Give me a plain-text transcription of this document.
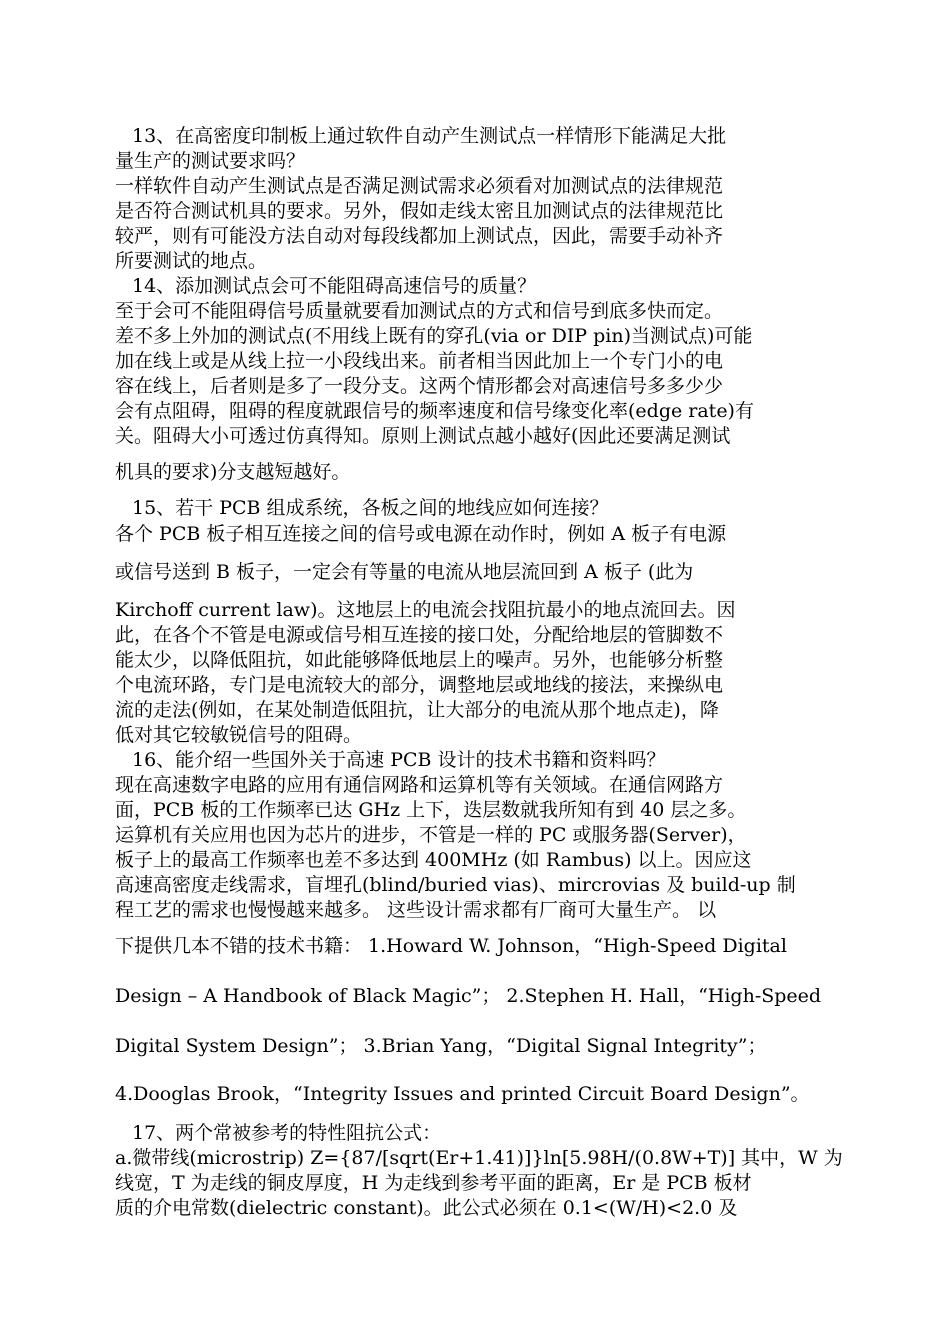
13、在高密度印制板上通过软件自动产生测试点一样情形下能满足大批

量生产的测试要求吗？

一样软件自动产生测试点是否满足测试需求必须看对加测试点的法律规范

是否符合测试机具的要求。另外，假如走线太密且加测试点的法律规范比

较严，则有可能没方法自动对每段线都加上测试点，因此，需要手动补齐

所要测试的地点。

14、添加测试点会可不能阻碍高速信号的质量？

至于会可不能阻碍信号质量就要看加测试点的方式和信号到底多快而定。

差不多上外加的测试点(不用线上既有的穿孔(via or DIP pin)当测试点)可能

加在线上或是从线上拉一小段线出来。前者相当因此加上一个专门小的电

容在线上，后者则是多了一段分支。这两个情形都会对高速信号多多少少

会有点阻碍，阻碍的程度就跟信号的频率速度和信号缘变化率(edge rate)有

关。阻碍大小可透过仿真得知。原则上测试点越小越好(因此还要满足测试

机具的要求)分支越短越好。

15、若干 PCB 组成系统，各板之间的地线应如何连接？

各个 PCB 板子相互连接之间的信号或电源在动作时，例如 A 板子有电源

或信号送到 B 板子，一定会有等量的电流从地层流回到 A 板子 (此为

Kirchoff current law)。这地层上的电流会找阻抗最小的地点流回去。因

此，在各个不管是电源或信号相互连接的接口处，分配给地层的管脚数不

能太少，以降低阻抗，如此能够降低地层上的噪声。另外，也能够分析整

个电流环路，专门是电流较大的部分，调整地层或地线的接法，来操纵电

流的走法(例如，在某处制造低阻抗，让大部分的电流从那个地点走)，降

低对其它较敏锐信号的阻碍。

16、能介绍一些国外关于高速 PCB 设计的技术书籍和资料吗？

现在高速数字电路的应用有通信网路和运算机等有关领域。在通信网路方

面，PCB 板的工作频率已达 GHz 上下，迭层数就我所知有到 40 层之多。

运算机有关应用也因为芯片的进步，不管是一样的 PC 或服务器(Server)，

板子上的最高工作频率也差不多达到 400MHz (如 Rambus) 以上。因应这

高速高密度走线需求，盲埋孔(blind/buried vias)、mircrovias 及 build-up 制

程工艺的需求也慢慢越来越多。 这些设计需求都有厂商可大量生产。 以

下提供几本不错的技术书籍： 1.Howard W. Johnson，“High-Speed Digital

Design – A Handbook of Black Magic”； 2.Stephen H. Hall，“High-Speed

Digital System Design”； 3.Brian Yang，“Digital Signal Integrity”；

4.Dooglas Brook，“Integrity Issues and printed Circuit Board Design”。

17、两个常被参考的特性阻抗公式：

a.微带线(microstrip) Z={87/[sqrt(Er+1.41)]}ln[5.98H/(0.8W+T)] 其中，W 为

线宽，T 为走线的铜皮厚度，H 为走线到参考平面的距离，Er 是 PCB 板材

质的介电常数(dielectric constant)。此公式必须在 0.1<(W/H)<2.0 及
